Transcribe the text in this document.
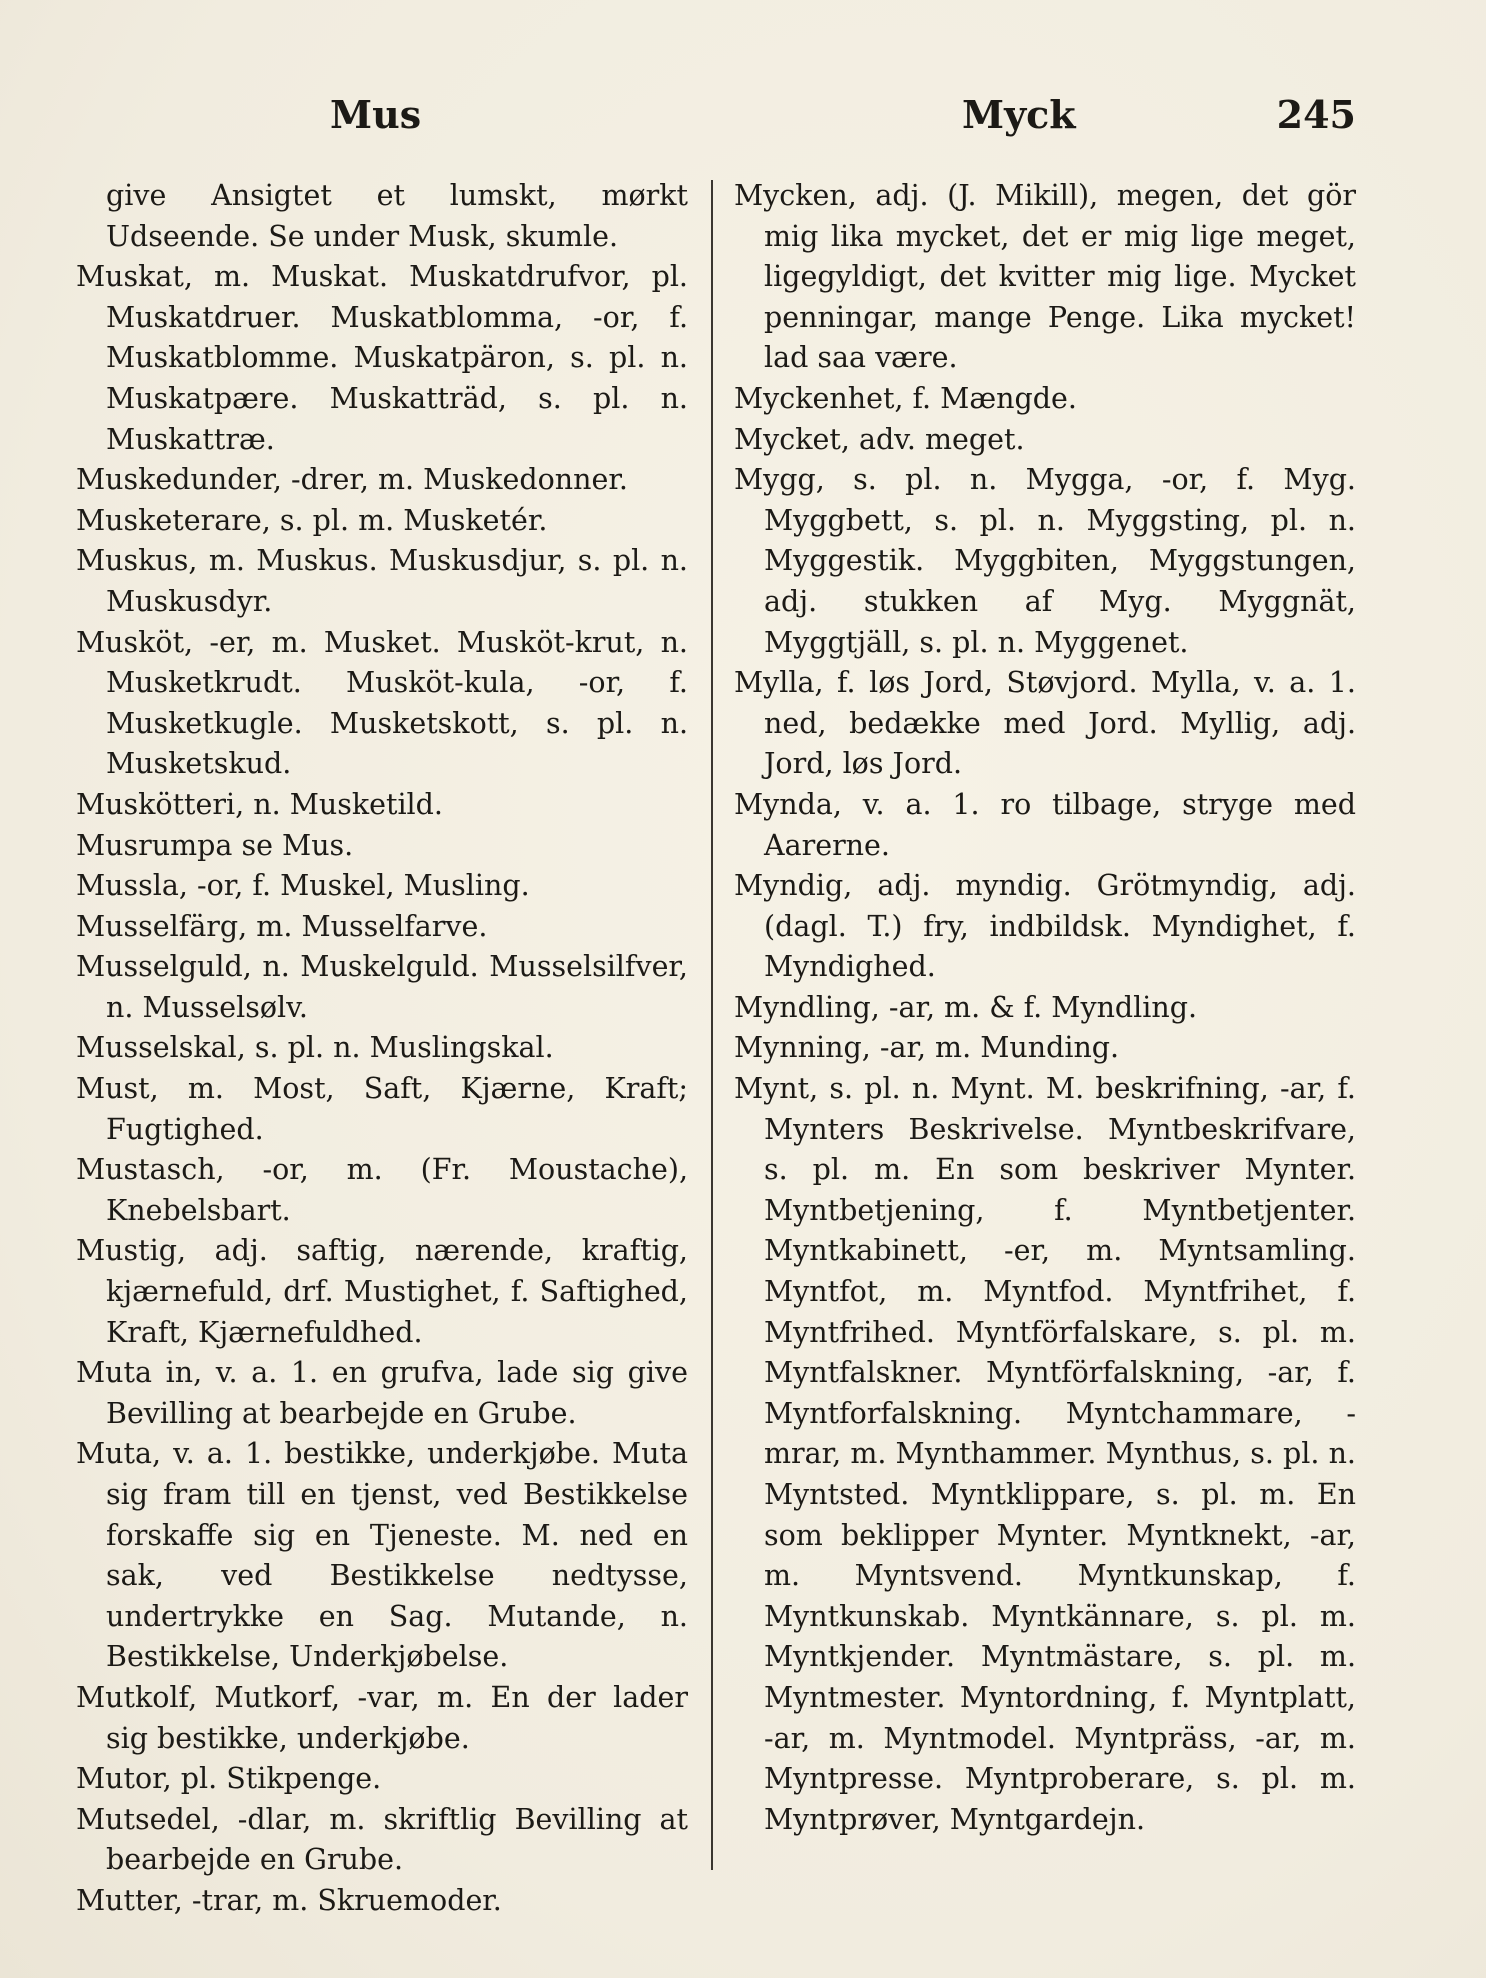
Mus	Myck	245
give Ansigtet et lumskt, mørkt Udseende. Se under Musk, skumle.
Muskat, m. Muskat. Muskatdrufvor, pl. Muskatdruer. Muskatblomma, -or, f. Muskatblomme. Muskatpäron, s. pl. n. Muskatpære. Muskatträd, s. pl. n. Muskattræ.
Muskedunder, -drer, m. Muskedonner.
Musketerare, s. pl. m. Musketér.
Muskus, m. Muskus. Muskusdjur, s. pl. n. Muskusdyr.
Musköt, -er, m. Musket. Musköt-krut, n. Musketkrudt. Musköt-kula, -or, f. Musketkugle. Musketskott, s. pl. n. Musketskud.
Muskötteri, n. Musketild.
Musrumpa se Mus.
Mussla, -or, f. Muskel, Musling.
Musselfärg, m. Musselfarve.
Musselguld, n. Muskelguld. Musselsilfver, n. Musselsølv.
Musselskal, s. pl. n. Muslingskal.
Must, m. Most, Saft, Kjærne, Kraft; Fugtighed.
Mustasch, -or, m. (Fr. Moustache), Knebelsbart.
Mustig, adj. saftig, nærende, kraftig, kjærnefuld, drf. Mustighet, f. Saftighed, Kraft, Kjærnefuldhed.
Muta in, v. a. 1. en grufva, lade sig give Bevilling at bearbejde en Grube.
Muta, v. a. 1. bestikke, underkjøbe. Muta sig fram till en tjenst, ved Bestikkelse forskaffe sig en Tjeneste. M. ned en sak, ved Bestikkelse nedtysse, undertrykke en Sag. Mutande, n. Bestikkelse, Underkjøbelse.
Mutkolf, Mutkorf, -var, m. En der lader sig bestikke, underkjøbe.
Mutor, pl. Stikpenge.
Mutsedel, -dlar, m. skriftlig Bevilling at bearbejde en Grube.
Mutter, -trar, m. Skruemoder.
Mycken, adj. (J. Mikill), megen, det gör mig lika mycket, det er mig lige meget, ligegyldigt, det kvitter mig lige. Mycket penningar, mange Penge. Lika mycket! lad saa være.
Myckenhet, f. Mængde.
Mycket, adv. meget.
Mygg, s. pl. n. Mygga, -or, f. Myg. Myggbett, s. pl. n. Myggsting, pl. n. Myggestik. Myggbiten, Myggstungen, adj. stukken af Myg. Myggnät, Myggtjäll, s. pl. n. Myggenet.
Mylla, f. løs Jord, Støvjord. Mylla, v. a. 1. ned, bedække med Jord. Myllig, adj. Jord, løs Jord.
Mynda, v. a. 1. ro tilbage, stryge med Aarerne.
Myndig, adj. myndig. Grötmyndig, adj. (dagl. T.) fry, indbildsk. Myndighet, f. Myndighed.
Myndling, -ar, m. & f. Myndling.
Mynning, -ar, m. Munding.
Mynt, s. pl. n. Mynt. M. beskrifning, -ar, f. Mynters Beskrivelse. Myntbeskrifvare, s. pl. m. En som beskriver Mynter. Myntbetjening, f. Myntbetjenter. Myntkabinett, -er, m. Myntsamling. Myntfot, m. Myntfod. Myntfrihet, f. Myntfrihed. Myntförfalskare, s. pl. m. Myntfalskner. Myntförfalskning, -ar, f. Myntforfalskning. Myntchammare, -mrar, m. Mynthammer. Mynthus, s. pl. n. Myntsted. Myntklippare, s. pl. m. En som beklipper Mynter. Myntknekt, -ar, m. Myntsvend. Myntkunskap, f. Myntkunskab. Myntkännare, s. pl. m. Myntkjender. Myntmästare, s. pl. m. Myntmester. Myntordning, f. Myntplatt, -ar, m. Myntmodel. Myntpräss, -ar, m. Myntpresse. Myntproberare, s. pl. m. Myntprøver, Myntgardejn.
